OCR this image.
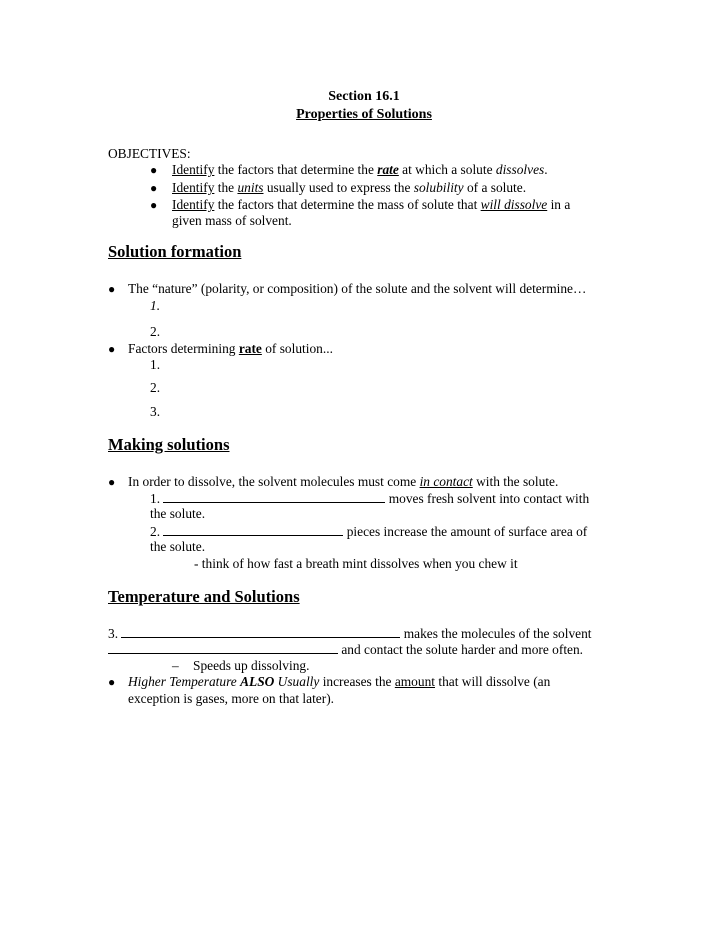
Section 16.1
Properties of Solutions
OBJECTIVES:
● Identify the factors that determine the rate at which a solute dissolves.
● Identify the units usually used to express the solubility of a solute.
● Identify the factors that determine the mass of solute that will dissolve in a
given mass of solvent.
Solution formation
● The “nature” (polarity, or composition) of the solute and the solvent will determine…
1.
2.
● Factors determining rate of solution...
1.
2.
3.
Making solutions
● In order to dissolve, the solvent molecules must come in contact with the solute.
1.	moves fresh solvent into contact with
the solute.
2.	pieces increase the amount of surface area of
the solute.
- think of how fast a breath mint dissolves when you chew it
Temperature and Solutions
3.	makes the molecules of the solvent
and contact the solute harder and more often.
– Speeds up dissolving.
● Higher Temperature ALSO Usually increases the amount that will dissolve (an
exception is gases, more on that later).
